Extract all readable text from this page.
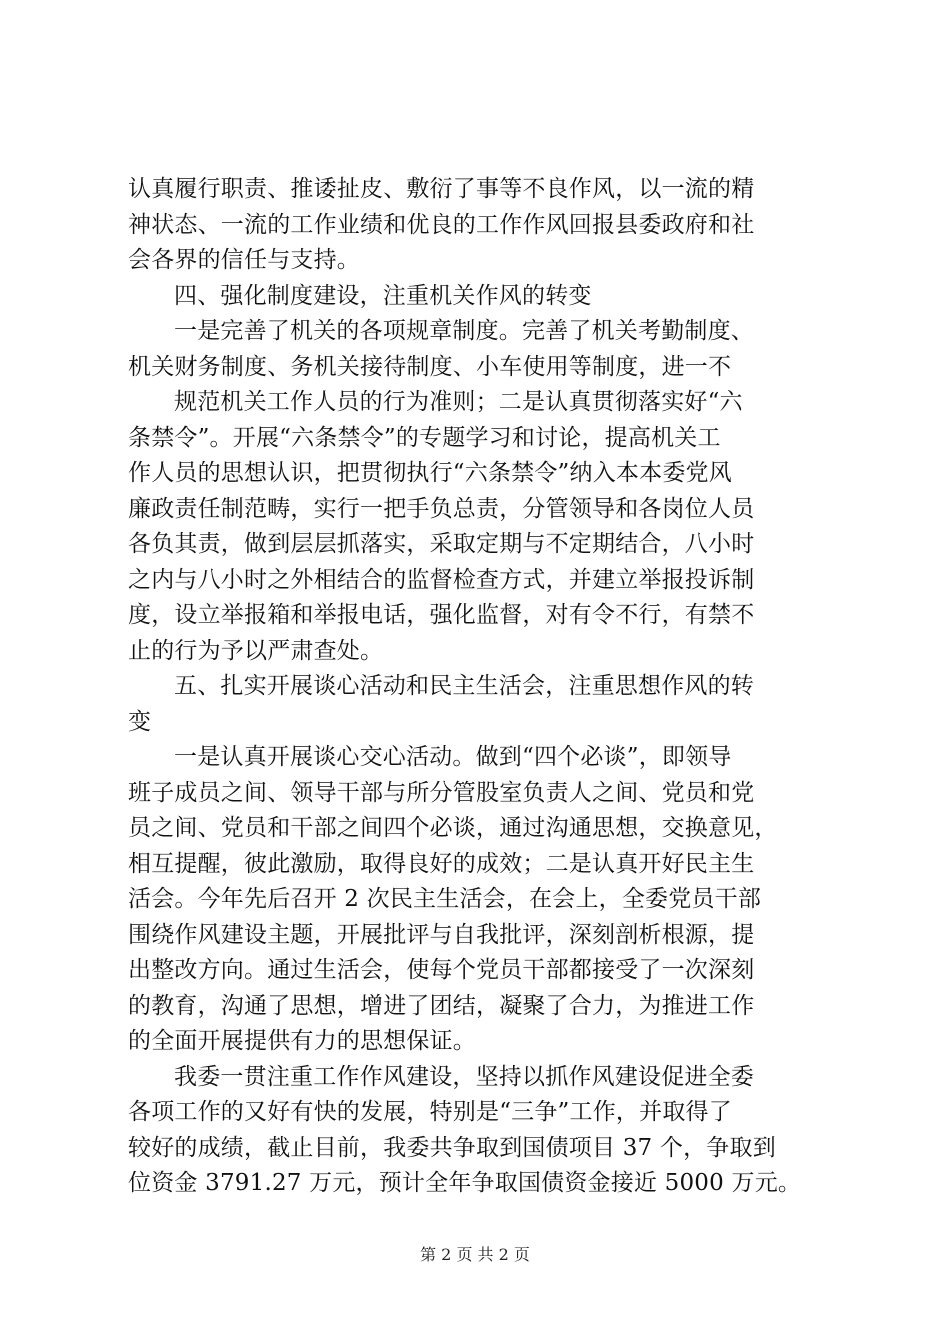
认真履行职责、推诿扯皮、敷衍了事等不良作风，以一流的精
神状态、一流的工作业绩和优良的工作作风回报县委政府和社
会各界的信任与支持。
四、强化制度建设，注重机关作风的转变
一是完善了机关的各项规章制度。完善了机关考勤制度、
机关财务制度、务机关接待制度、小车使用等制度，进一不
规范机关工作人员的行为准则；二是认真贯彻落实好“六
条禁令”。开展“六条禁令”的专题学习和讨论，提高机关工
作人员的思想认识，把贯彻执行“六条禁令”纳入本本委党风
廉政责任制范畴，实行一把手负总责，分管领导和各岗位人员
各负其责，做到层层抓落实，采取定期与不定期结合，八小时
之内与八小时之外相结合的监督检查方式，并建立举报投诉制
度，设立举报箱和举报电话，强化监督，对有令不行，有禁不
止的行为予以严肃查处。
五、扎实开展谈心活动和民主生活会，注重思想作风的转
变
一是认真开展谈心交心活动。做到“四个必谈”，即领导
班子成员之间、领导干部与所分管股室负责人之间、党员和党
员之间、党员和干部之间四个必谈，通过沟通思想，交换意见，
相互提醒，彼此激励，取得良好的成效；二是认真开好民主生
活会。今年先后召开 2 次民主生活会，在会上，全委党员干部
围绕作风建设主题，开展批评与自我批评，深刻剖析根源，提
出整改方向。通过生活会，使每个党员干部都接受了一次深刻
的教育，沟通了思想，增进了团结，凝聚了合力，为推进工作
的全面开展提供有力的思想保证。
我委一贯注重工作作风建设，坚持以抓作风建设促进全委
各项工作的又好有快的发展，特别是“三争”工作，并取得了
较好的成绩，截止目前，我委共争取到国债项目 37 个，争取到
位资金 3791.27 万元，预计全年争取国债资金接近 5000 万元。
第 2 页 共 2 页
